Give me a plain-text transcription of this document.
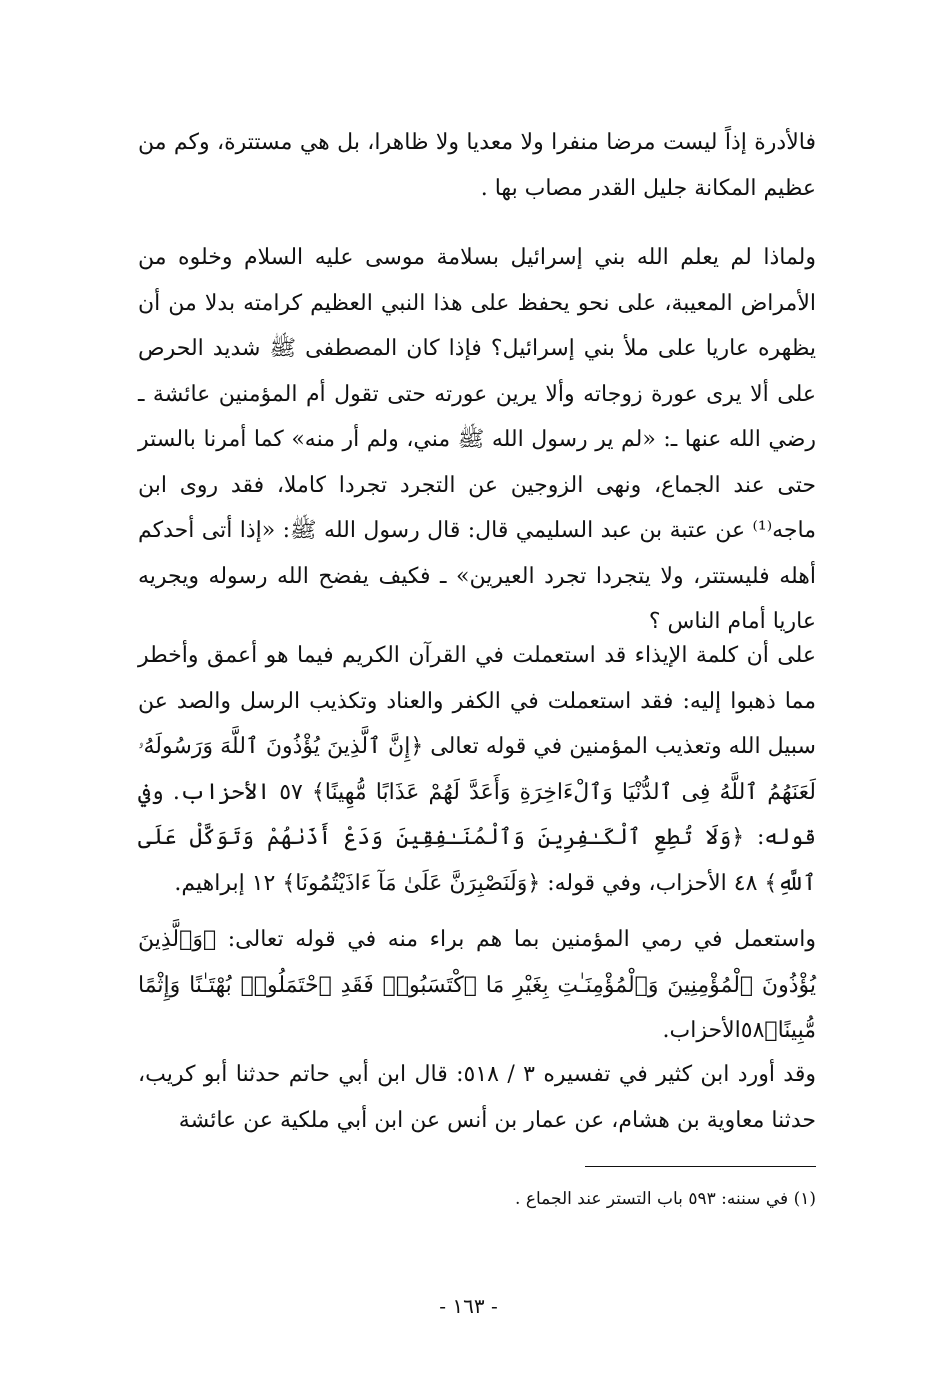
فالأدرة إذاً ليست مرضا منفرا ولا معديا ولا ظاهرا، بل هي مستترة، وكم من عظيم المكانة جليل القدر مصاب بها .

ولماذا لم يعلم الله بني إسرائيل بسلامة موسى عليه السلام وخلوه من الأمراض المعيبة، على نحو يحفظ على هذا النبي العظيم كرامته بدلا من أن يظهره عاريا على ملأ بني إسرائيل؟ فإذا كان المصطفى ﷺ شديد الحرص على ألا يرى عورة زوجاته وألا يرين عورته حتى تقول أم المؤمنين عائشة ـ رضي الله عنها ـ: «لم ير رسول الله ﷺ مني، ولم أر منه» كما أمرنا بالستر حتى عند الجماع، ونهى الزوجين عن التجرد تجردا كاملا، فقد روى ابن ماجه⁽¹⁾ عن عتبة بن عبد السليمي قال: قال رسول الله ﷺ: «إذا أتى أحدكم أهله فليستتر، ولا يتجردا تجرد العيرين» ـ فكيف يفضح الله رسوله ويجريه عاريا أمام الناس ؟

على أن كلمة الإيذاء قد استعملت في القرآن الكريم فيما هو أعمق وأخطر مما ذهبوا إليه: فقد استعملت في الكفر والعناد وتكذيب الرسل والصد عن سبيل الله وتعذيب المؤمنين في قوله تعالى ﴿إِنَّ ٱلَّذِينَ يُؤْذُونَ ٱللَّهَ وَرَسُولَهُۥ لَعَنَهُمُ ٱللَّهُ فِى ٱلدُّنْيَا وَٱلْءَاخِرَةِ وَأَعَدَّ لَهُمْ عَذَابًا مُّهِينًا﴾ ٥٧ الأحزاب. وفي قوله: ﴿وَلَا تُطِعِ ٱلْكَـٰفِرِينَ وَٱلْمُنَـٰفِقِينَ وَدَعْ أَذَىٰهُمْ وَتَوَكَّلْ عَلَى ٱللَّهِ﴾ ٤٨ الأحزاب، وفي قوله: ﴿وَلَنَصْبِرَنَّ عَلَىٰ مَآ ءَاذَيْتُمُونَا﴾ ١٢ إبراهيم.

واستعمل في رمي المؤمنين بما هم براء منه في قوله تعالى: ﴿وَٱلَّذِينَ يُؤْذُونَ ٱلْمُؤْمِنِينَ وَٱلْمُؤْمِنَـٰتِ بِغَيْرِ مَا ٱكْتَسَبُوا۟ فَقَدِ ٱحْتَمَلُوا۟ بُهْتَـٰنًا وَإِثْمًا مُّبِينًا﴾٥٨الأحزاب.

وقد أورد ابن كثير في تفسيره ٣ / ٥١٨: قال ابن أبي حاتم حدثنا أبو كريب، حدثنا معاوية بن هشام، عن عمار بن أنس عن ابن أبي ملكية عن عائشة

(١) في سننه: ٥٩٣ باب التستر عند الجماع .
- ١٦٣ -
